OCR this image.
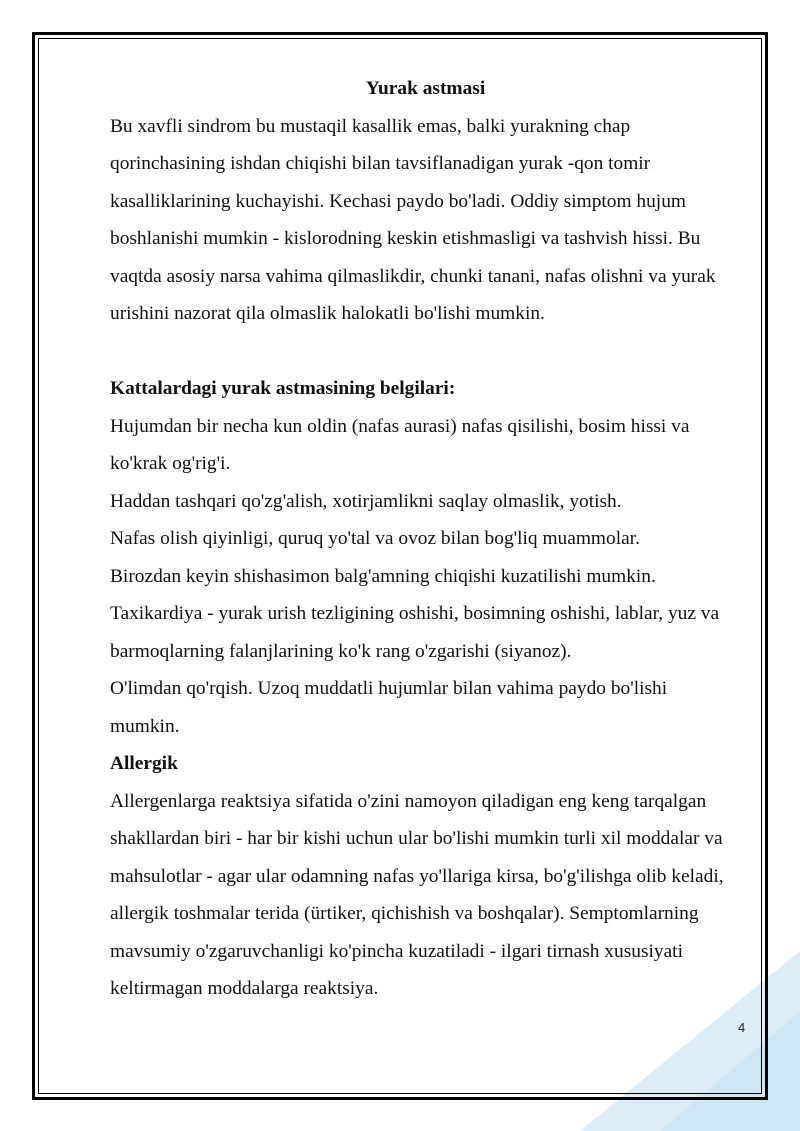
Yurak astmasi

Bu xavfli sindrom bu mustaqil kasallik emas, balki yurakning chap qorinchasining ishdan chiqishi bilan tavsiflanadigan yurak -qon tomir kasalliklarining kuchayishi. Kechasi paydo bo'ladi. Oddiy simptom hujum boshlanishi mumkin - kislorodning keskin etishmasligi va tashvish hissi. Bu vaqtda asosiy narsa vahima qilmaslikdir, chunki tanani, nafas olishni va yurak urishini nazorat qila olmaslik halokatli bo'lishi mumkin.

Kattalardagi yurak astmasining belgilari:

Hujumdan bir necha kun oldin (nafas aurasi) nafas qisilishi, bosim hissi va ko'krak og'rig'i.

Haddan tashqari qo'zg'alish, xotirjamlikni saqlay olmaslik, yotish.

Nafas olish qiyinligi, quruq yo'tal va ovoz bilan bog'liq muammolar.

Birozdan keyin shishasimon balg'amning chiqishi kuzatilishi mumkin.

Taxikardiya - yurak urish tezligining oshishi, bosimning oshishi, lablar, yuz va barmoqlarning falanjlarining ko'k rang o'zgarishi (siyanoz).

O'limdan qo'rqish. Uzoq muddatli hujumlar bilan vahima paydo bo'lishi mumkin.

Allergik

Allergenlarga reaktsiya sifatida o'zini namoyon qiladigan eng keng tarqalgan shakllardan biri - har bir kishi uchun ular bo'lishi mumkin turli xil moddalar va mahsulotlar - agar ular odamning nafas yo'llariga kirsa, bo'g'ilishga olib keladi, allergik toshmalar terida (ürtiker, qichishish va boshqalar). Semptomlarning mavsumiy o'zgaruvchanligi ko'pincha kuzatiladi - ilgari tirnash xususiyati keltirmagan moddalarga reaktsiya.

4
